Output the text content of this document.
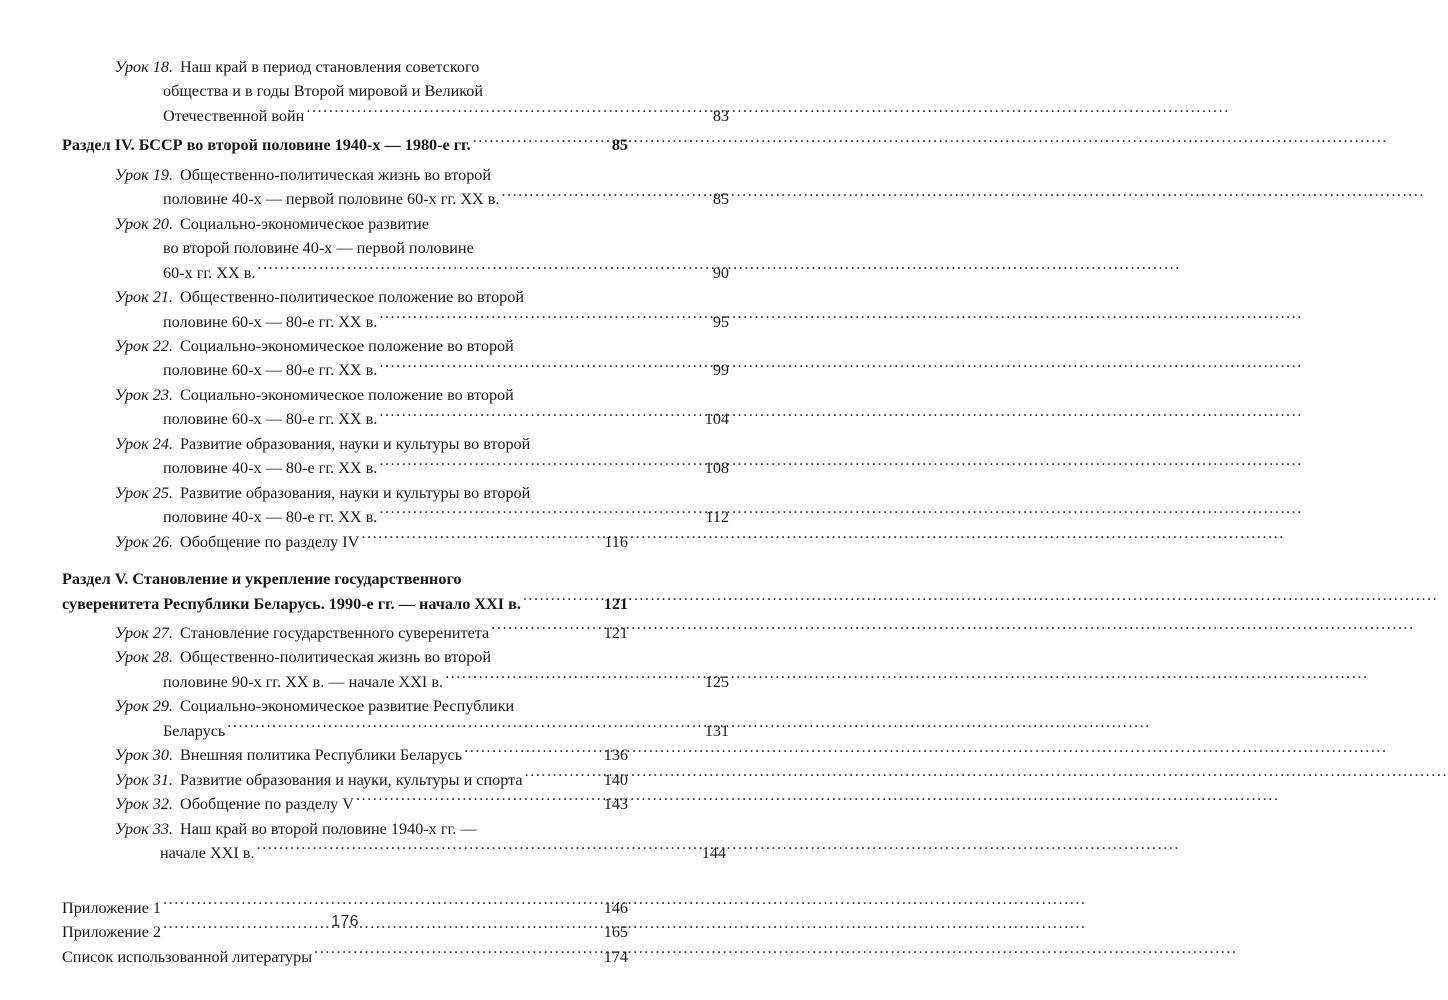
Урок 18. Наш край в период становления советского
общества и в годы Второй мировой и Великой
Отечественной войн .....	83
Раздел IV. БССР во второй половине 1940-х — 1980-е гг. .....	85
Урок 19. Общественно-политическая жизнь во второй
половине 40-х — первой половине 60-х гг. XX в. .....	85
Урок 20. Социально-экономическое развитие
во второй половине 40-х — первой половине
60-х гг. XX в. .....	90
Урок 21. Общественно-политическое положение во второй
половине 60-х — 80-е гг. XX в. .....	95
Урок 22. Социально-экономическое положение во второй
половине 60-х — 80-е гг. XX в. .....	99
Урок 23. Социально-экономическое положение во второй
половине 60-х — 80-е гг. XX в. .....	104
Урок 24. Развитие образования, науки и культуры во второй
половине 40-х — 80-е гг. XX в. .....	108
Урок 25. Развитие образования, науки и культуры во второй
половине 40-х — 80-е гг. XX в. .....	112
Урок 26. Обобщение по разделу IV .....	116
Раздел V. Становление и укрепление государственного
суверенитета Республики Беларусь. 1990-е гг. — начало XXI в. .....	121
Урок 27. Становление государственного суверенитета .....	121
Урок 28. Общественно-политическая жизнь во второй
половине 90-х гг. XX в. — начале XXI в. .....	125
Урок 29. Социально-экономическое развитие Республики
Беларусь .....	131
Урок 30. Внешняя политика Республики Беларусь .....	136
Урок 31. Развитие образования и науки, культуры и спорта .....	140
Урок 32. Обобщение по разделу V .....	143
Урок 33. Наш край во второй половине 1940-х гг. —
начале XXI в. .....	144
Приложение 1 .....	146
Приложение 2 .....	165
Список использованной литературы .....	174
176
